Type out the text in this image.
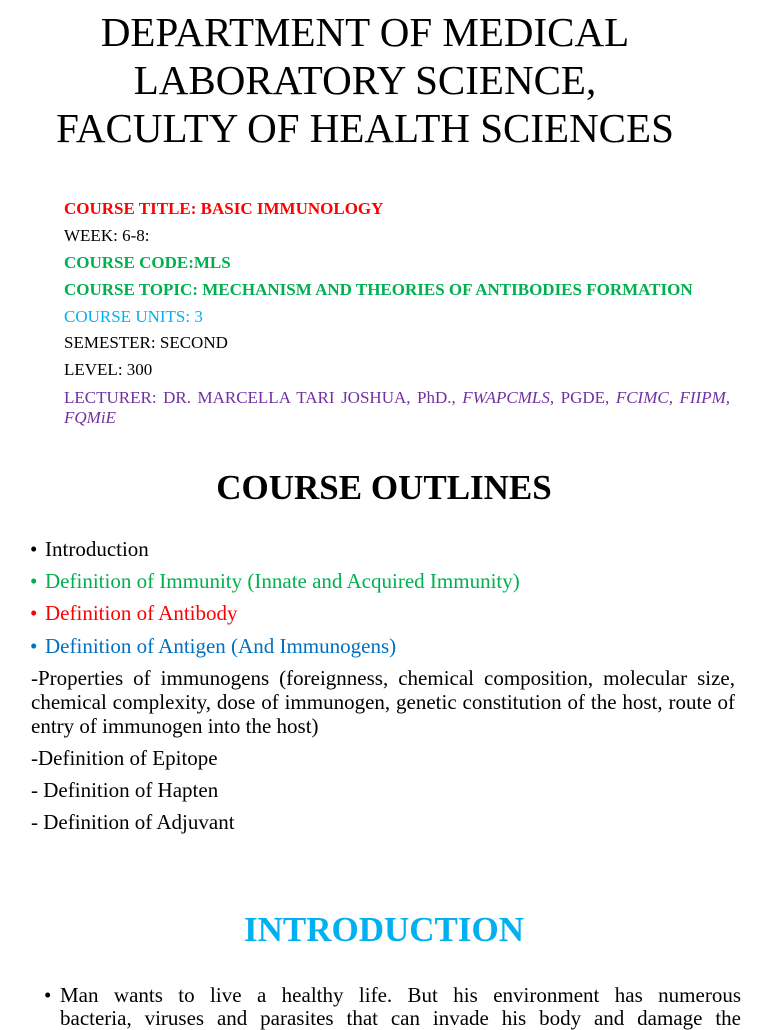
DEPARTMENT OF MEDICAL LABORATORY SCIENCE, FACULTY OF HEALTH SCIENCES
COURSE TITLE: BASIC IMMUNOLOGY
WEEK: 6-8:
COURSE CODE:MLS
COURSE TOPIC: MECHANISM AND THEORIES OF ANTIBODIES FORMATION
COURSE UNITS: 3
SEMESTER: SECOND
LEVEL: 300
LECTURER: DR. MARCELLA TARI JOSHUA, PhD., FWAPCMLS, PGDE, FCIMC, FIIPM, FQMiE
COURSE OUTLINES
• Introduction
• Definition of Immunity (Innate and Acquired Immunity)
• Definition of Antibody
• Definition of Antigen (And Immunogens)
-Properties of immunogens (foreignness, chemical composition, molecular size, chemical complexity, dose of immunogen, genetic constitution of the host, route of entry of immunogen into the host)
-Definition of Epitope
- Definition of Hapten
- Definition of Adjuvant
INTRODUCTION
• Man wants to live a healthy life. But his environment has numerous
bacteria, viruses and parasites that can invade his body and damage the
